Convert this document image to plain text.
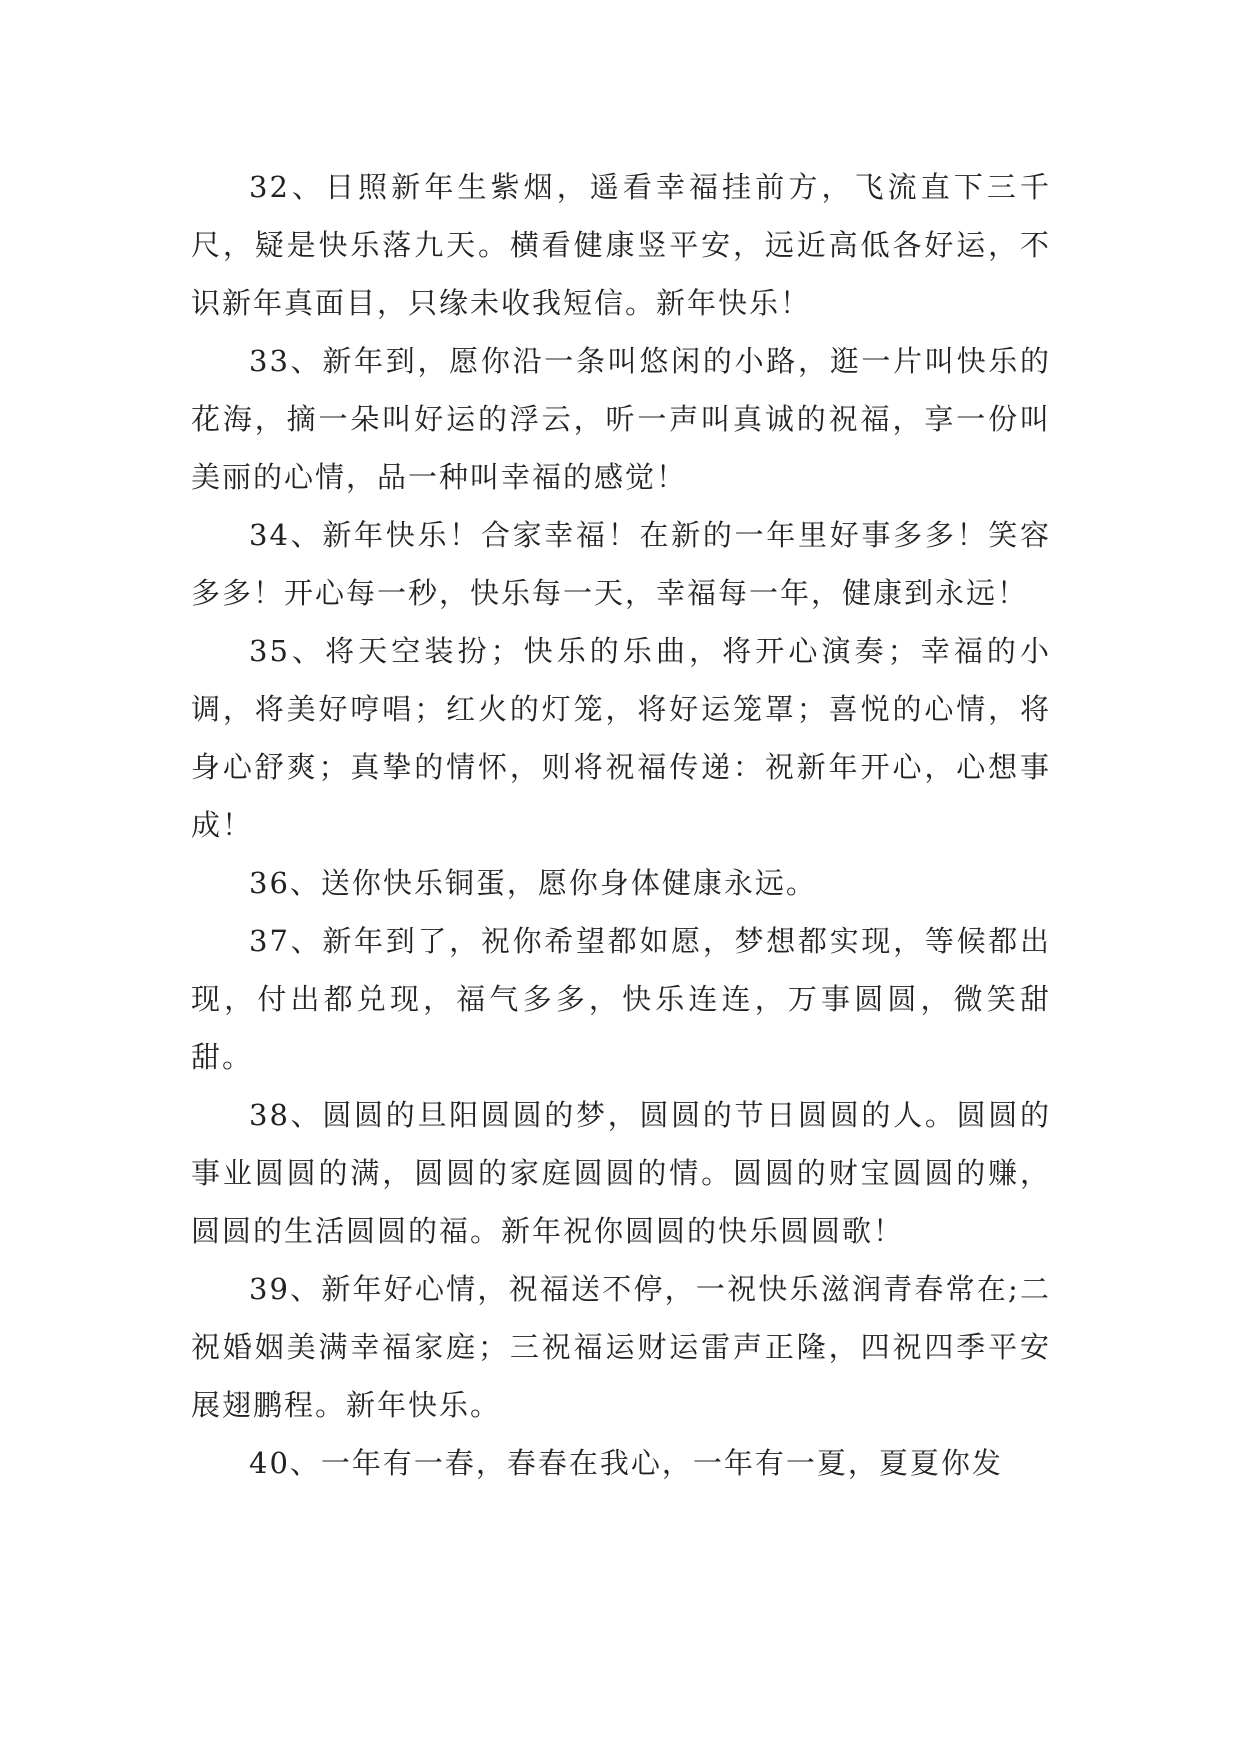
32、日照新年生紫烟，遥看幸福挂前方，飞流直下三千尺，疑是快乐落九天。横看健康竖平安，远近高低各好运，不识新年真面目，只缘未收我短信。新年快乐！

33、新年到，愿你沿一条叫悠闲的小路，逛一片叫快乐的花海，摘一朵叫好运的浮云，听一声叫真诚的祝福，享一份叫美丽的心情，品一种叫幸福的感觉！

34、新年快乐！合家幸福！在新的一年里好事多多！笑容多多！开心每一秒，快乐每一天，幸福每一年，健康到永远！

35、将天空装扮；快乐的乐曲，将开心演奏；幸福的小调，将美好哼唱；红火的灯笼，将好运笼罩；喜悦的心情，将身心舒爽；真挚的情怀，则将祝福传递：祝新年开心，心想事成！

36、送你快乐铜蛋，愿你身体健康永远。

37、新年到了，祝你希望都如愿，梦想都实现，等候都出现，付出都兑现，福气多多，快乐连连，万事圆圆，微笑甜甜。

38、圆圆的旦阳圆圆的梦，圆圆的节日圆圆的人。圆圆的事业圆圆的满，圆圆的家庭圆圆的情。圆圆的财宝圆圆的赚，圆圆的生活圆圆的福。新年祝你圆圆的快乐圆圆歌！

39、新年好心情，祝福送不停，一祝快乐滋润青春常在;二祝婚姻美满幸福家庭；三祝福运财运雷声正隆，四祝四季平安展翅鹏程。新年快乐。

40、一年有一春，春春在我心，一年有一夏，夏夏你发
